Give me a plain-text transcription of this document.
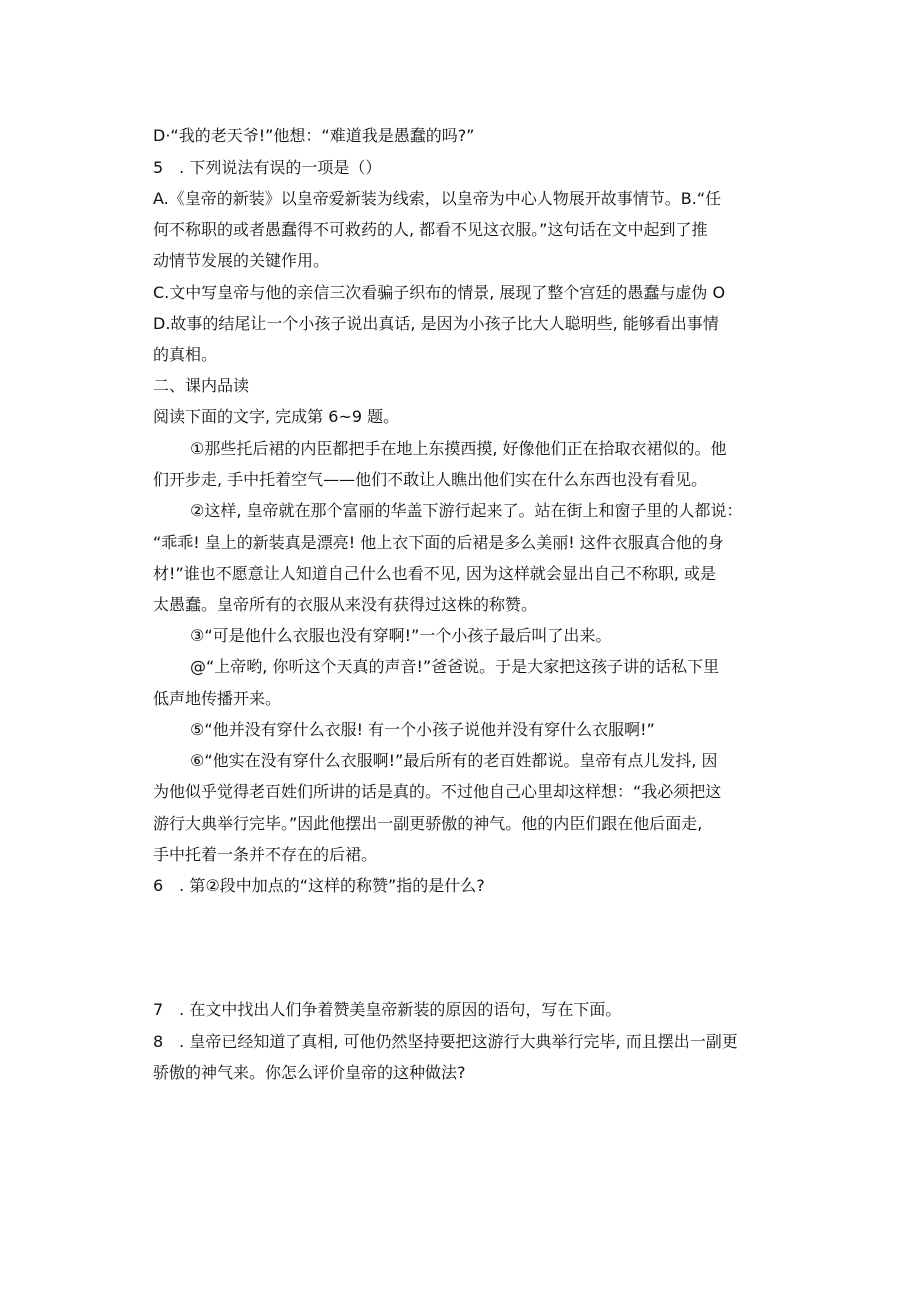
D·“我的老天爷!”他想：“难道我是愚蠢的吗?”
5　. 下列说法有误的一项是（）
A.《皇帝的新装》以皇帝爱新装为线索，以皇帝为中心人物展开故事情节。B.“任
何不称职的或者愚蠢得不可救药的人, 都看不见这衣服。”这句话在文中起到了推
动情节发展的关键作用。
C.文中写皇帝与他的亲信三次看骗子织布的情景, 展现了整个宫廷的愚蠢与虚伪 O
D.故事的结尾让一个小孩子说出真话, 是因为小孩子比大人聪明些, 能够看出事情
的真相。
二、课内品读
阅读下面的文字, 完成第 6~9 题。
①那些托后裙的内臣都把手在地上东摸西摸, 好像他们正在拾取衣裙似的。他
们开步走, 手中托着空气——他们不敢让人瞧出他们实在什么东西也没有看见。
②这样, 皇帝就在那个富丽的华盖下游行起来了。站在街上和窗子里的人都说：
“乖乖! 皇上的新装真是漂亮! 他上衣下面的后裙是多么美丽! 这件衣服真合他的身
材!”谁也不愿意让人知道自己什么也看不见, 因为这样就会显出自己不称职, 或是
太愚蠢。皇帝所有的衣服从来没有获得过这株的称赞。
③“可是他什么衣服也没有穿啊!”一个小孩子最后叫了出来。
@“上帝哟, 你听这个天真的声音!”爸爸说。于是大家把这孩子讲的话私下里
低声地传播开来。
⑤“他并没有穿什么衣服! 有一个小孩子说他并没有穿什么衣服啊!”
⑥“他实在没有穿什么衣服啊!”最后所有的老百姓都说。皇帝有点儿发抖, 因
为他似乎觉得老百姓们所讲的话是真的。不过他自己心里却这样想：“我必须把这
游行大典举行完毕。”因此他摆出一副更骄傲的神气。他的内臣们跟在他后面走,
手中托着一条并不存在的后裙。
6　. 第②段中加点的“这样的称赞”指的是什么?
7　. 在文中找出人们争着赞美皇帝新装的原因的语句，写在下面。
8　. 皇帝已经知道了真相, 可他仍然坚持要把这游行大典举行完毕, 而且摆出一副更
骄傲的神气来。你怎么评价皇帝的这种做法?
